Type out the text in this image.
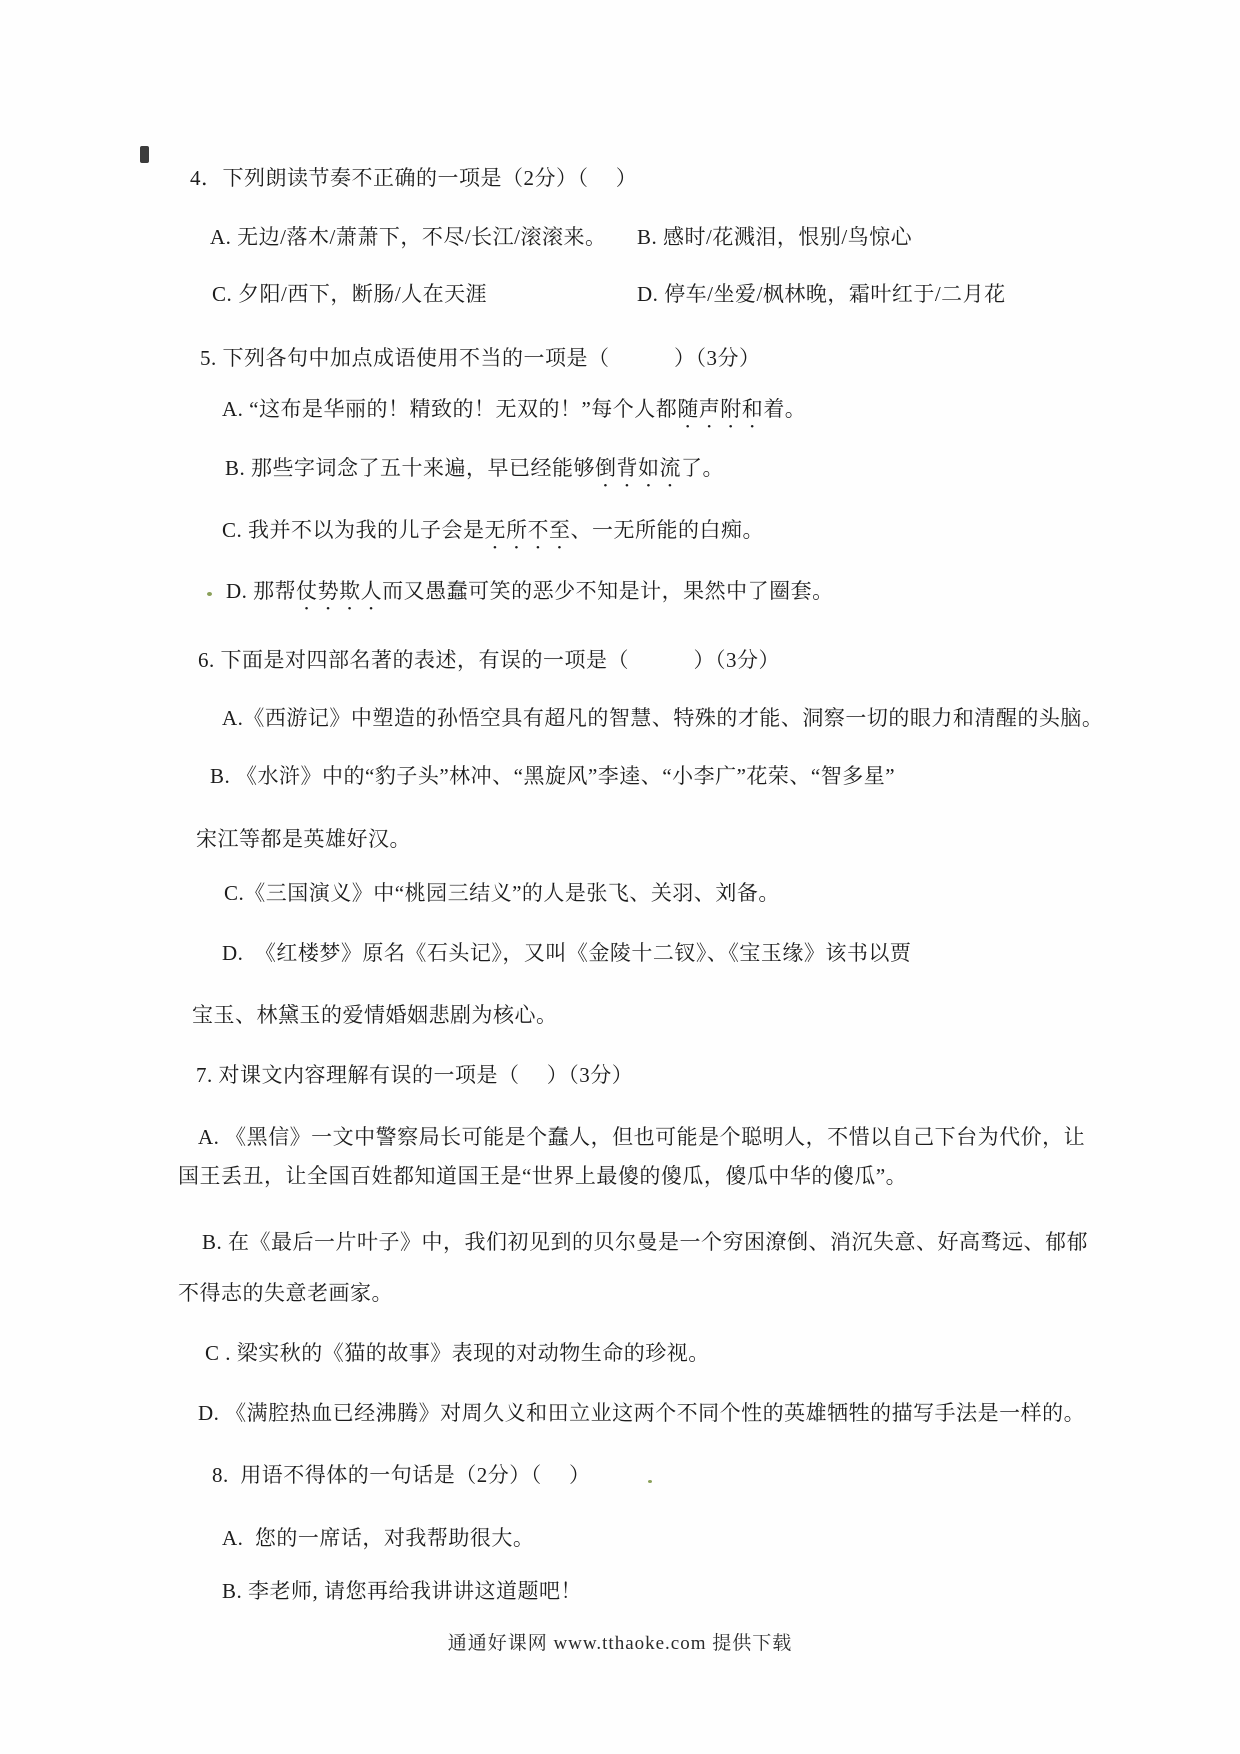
4．下列朗读节奏不正确的一项是（2分）（　 ）

A. 无边/落木/萧萧下，不尽/长江/滚滚来。 B. 感时/花溅泪，恨别/鸟惊心

C. 夕阳/西下，断肠/人在天涯	D. 停车/坐爱/枫林晚，霜叶红于/二月花

5. 下列各句中加点成语使用不当的一项是（　　　）（3分）

A. “这布是华丽的！精致的！无双的！”每个人都随声附和着。

B. 那些字词念了五十来遍，早已经能够倒背如流了。

C. 我并不以为我的儿子会是无所不至、一无所能的白痴。

D. 那帮仗势欺人而又愚蠢可笑的恶少不知是计，果然中了圈套。

6. 下面是对四部名著的表述，有误的一项是（　　　）（3分）

A.《西游记》中塑造的孙悟空具有超凡的智慧、特殊的才能、洞察一切的眼力和清醒的头脑。

B. 《水浒》中的“豹子头”林冲、“黑旋风”李逵、“小李广”花荣、“智多星”

宋江等都是英雄好汉。

C.《三国演义》中“桃园三结义”的人是张飞、关羽、刘备。

D.  《红楼梦》原名《石头记》，又叫《金陵十二钗》、《宝玉缘》该书以贾

宝玉、林黛玉的爱情婚姻悲剧为核心。

7. 对课文内容理解有误的一项是（　 ）（3分）

A. 《黑信》一文中警察局长可能是个蠢人，但也可能是个聪明人，不惜以自己下台为代价，让

国王丢丑，让全国百姓都知道国王是“世界上最傻的傻瓜，傻瓜中华的傻瓜”。

B. 在《最后一片叶子》中，我们初见到的贝尔曼是一个穷困潦倒、消沉失意、好高骛远、郁郁

不得志的失意老画家。

C . 梁实秋的《猫的故事》表现的对动物生命的珍视。

D. 《满腔热血已经沸腾》对周久义和田立业这两个不同个性的英雄牺牲的描写手法是一样的。

8.  用语不得体的一句话是（2分）（　 ）

A.  您的一席话，对我帮助很大。

B. 李老师, 请您再给我讲讲这道题吧！

通通好课网 www.tthaoke.com 提供下载
